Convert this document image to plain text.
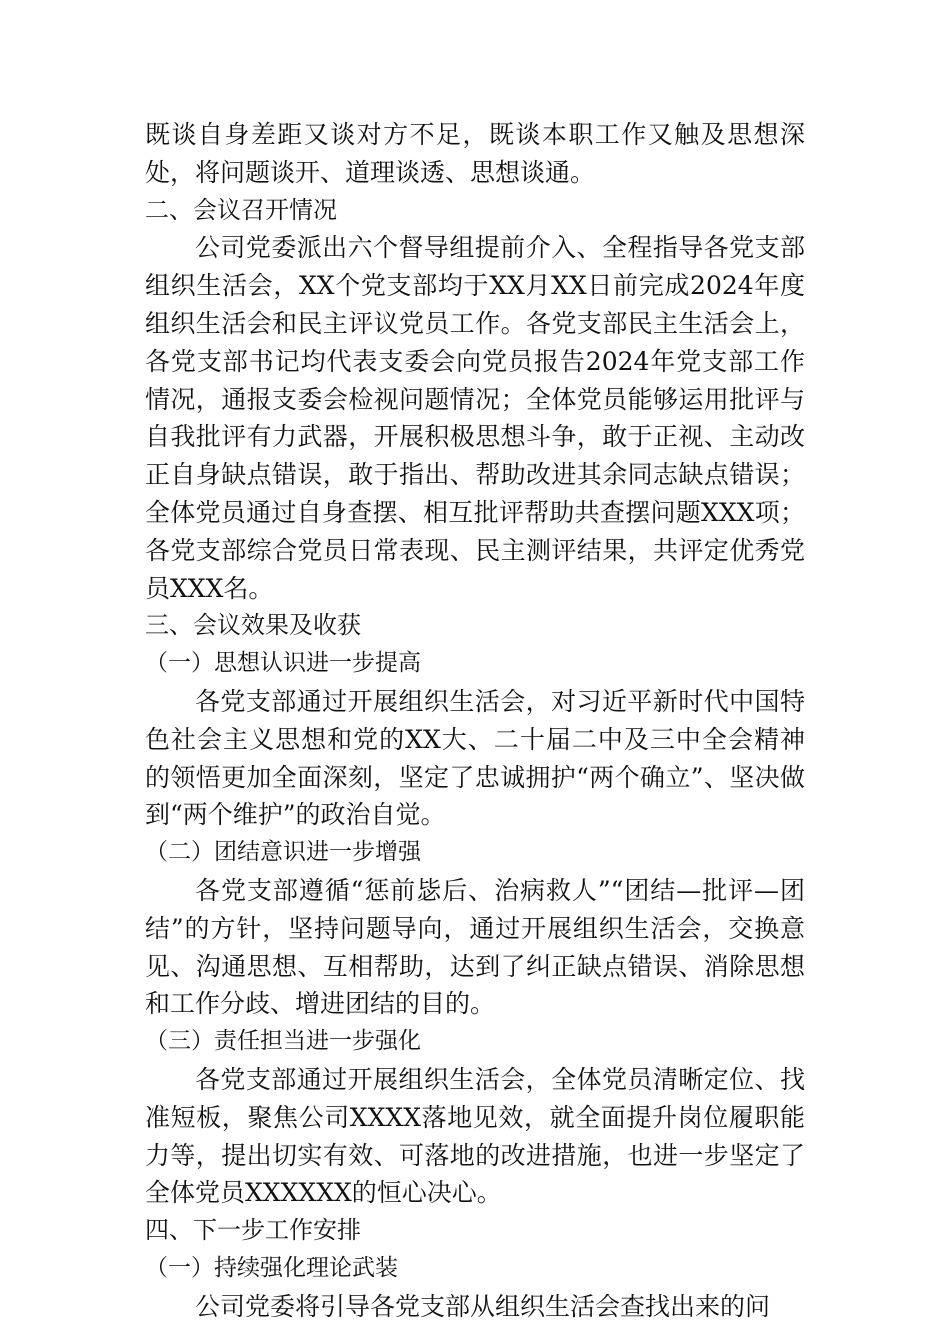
既谈自身差距又谈对方不足，既谈本职工作又触及思想深处，将问题谈开、道理谈透、思想谈通。

二、会议召开情况

公司党委派出六个督导组提前介入、全程指导各党支部组织生活会，XX个党支部均于XX月XX日前完成2024年度组织生活会和民主评议党员工作。各党支部民主生活会上，各党支部书记均代表支委会向党员报告2024年党支部工作情况，通报支委会检视问题情况；全体党员能够运用批评与自我批评有力武器，开展积极思想斗争，敢于正视、主动改正自身缺点错误，敢于指出、帮助改进其余同志缺点错误；全体党员通过自身查摆、相互批评帮助共查摆问题XXX项；各党支部综合党员日常表现、民主测评结果，共评定优秀党员XXX名。

三、会议效果及收获

（一）思想认识进一步提高

各党支部通过开展组织生活会，对习近平新时代中国特色社会主义思想和党的XX大、二十届二中及三中全会精神的领悟更加全面深刻，坚定了忠诚拥护“两个确立”、坚决做到“两个维护”的政治自觉。

（二）团结意识进一步增强

各党支部遵循“惩前毖后、治病救人”“团结—批评—团结”的方针，坚持问题导向，通过开展组织生活会，交换意见、沟通思想、互相帮助，达到了纠正缺点错误、消除思想和工作分歧、增进团结的目的。

（三）责任担当进一步强化

各党支部通过开展组织生活会，全体党员清晰定位、找准短板，聚焦公司XXXX落地见效，就全面提升岗位履职能力等，提出切实有效、可落地的改进措施，也进一步坚定了全体党员XXXXXX的恒心决心。

四、下一步工作安排

（一）持续强化理论武装

公司党委将引导各党支部从组织生活会查找出来的问
